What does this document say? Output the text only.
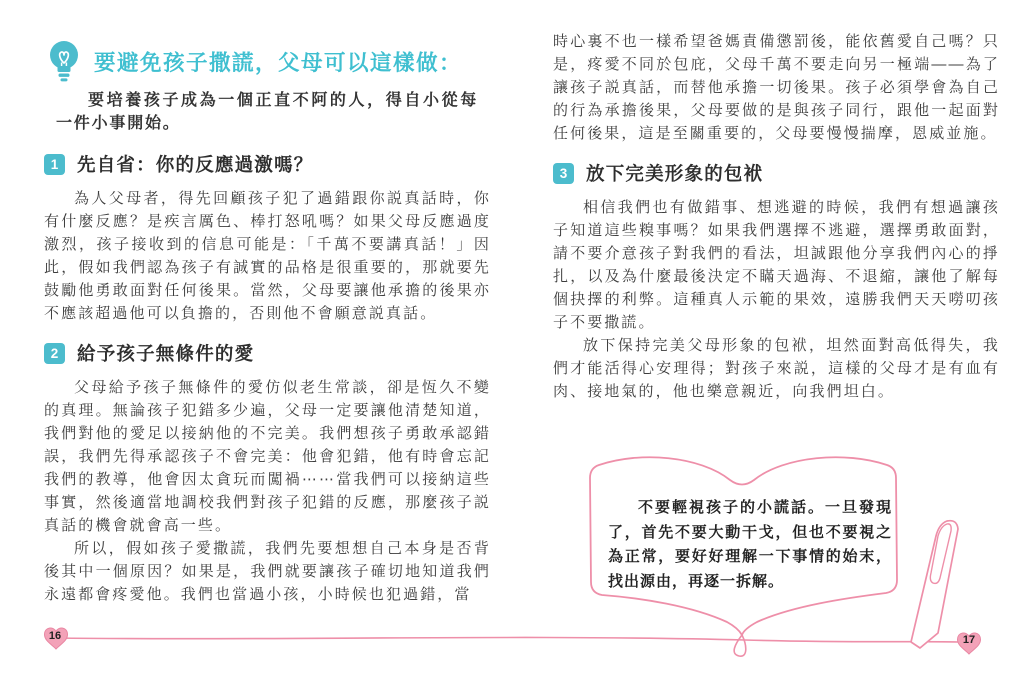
要避免孩子撒謊，父母可以這樣做：

要培養孩子成為一個正直不阿的人，得自小從每一件小事開始。

1	先自省：你的反應過激嗎？

為人父母者，得先回顧孩子犯了過錯跟你説真話時，你有什麼反應？是疾言厲色、棒打怒吼嗎？如果父母反應過度激烈，孩子接收到的信息可能是：「千萬不要講真話！」因此，假如我們認為孩子有誠實的品格是很重要的，那就要先鼓勵他勇敢面對任何後果。當然，父母要讓他承擔的後果亦不應該超過他可以負擔的，否則他不會願意説真話。

2	給予孩子無條件的愛

父母給予孩子無條件的愛仿似老生常談，卻是恆久不變的真理。無論孩子犯錯多少遍，父母一定要讓他清楚知道，我們對他的愛足以接納他的不完美。我們想孩子勇敢承認錯誤，我們先得承認孩子不會完美：他會犯錯，他有時會忘記我們的教導，他會因太貪玩而闖禍⋯⋯當我們可以接納這些事實，然後適當地調校我們對孩子犯錯的反應，那麼孩子説真話的機會就會高一些。

所以，假如孩子愛撒謊，我們先要想想自己本身是否背後其中一個原因？如果是，我們就要讓孩子確切地知道我們永遠都會疼愛他。我們也當過小孩，小時候也犯過錯，當

時心裏不也一樣希望爸媽責備懲罰後，能依舊愛自己嗎？只是，疼愛不同於包庇，父母千萬不要走向另一極端——為了讓孩子説真話，而替他承擔一切後果。孩子必須學會為自己的行為承擔後果，父母要做的是與孩子同行，跟他一起面對任何後果，這是至關重要的，父母要慢慢揣摩，恩威並施。

3	放下完美形象的包袱

相信我們也有做錯事、想逃避的時候，我們有想過讓孩子知道這些糗事嗎？如果我們選擇不逃避，選擇勇敢面對，請不要介意孩子對我們的看法，坦誠跟他分享我們內心的掙扎，以及為什麼最後決定不瞞天過海、不退縮，讓他了解每個抉擇的利弊。這種真人示範的果效，遠勝我們天天嘮叨孩子不要撒謊。

放下保持完美父母形象的包袱，坦然面對高低得失，我們才能活得心安理得；對孩子來説，這樣的父母才是有血有肉、接地氣的，他也樂意親近，向我們坦白。

不要輕視孩子的小謊話。一旦發現了，首先不要大動干戈，但也不要視之為正常，要好好理解一下事情的始末，找出源由，再逐一拆解。
16	17
